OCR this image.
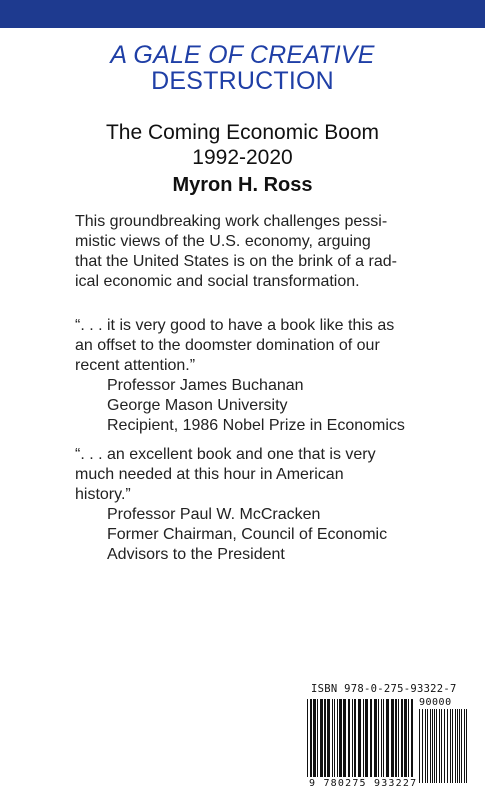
A GALE OF CREATIVE
DESTRUCTION
The Coming Economic Boom
1992-2020
Myron H. Ross
This groundbreaking work challenges pessi-
mistic views of the U.S. economy, arguing
that the United States is on the brink of a rad-
ical economic and social transformation.
“. . . it is very good to have a book like this as
an offset to the doomster domination of our
recent attention.”
Professor James Buchanan
George Mason University
Recipient, 1986 Nobel Prize in Economics
“. . . an excellent book and one that is very
much needed at this hour in American
history.”
Professor Paul W. McCracken
Former Chairman, Council of Economic
Advisors to the President
ISBN 978-0-275-93322-7
90000
9 780275 933227
